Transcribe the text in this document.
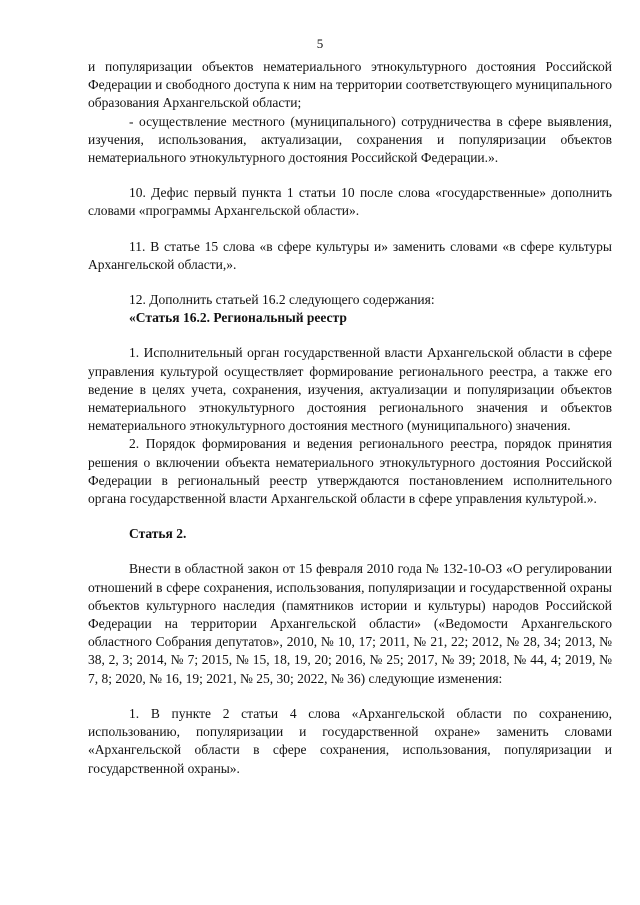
5

и популяризации объектов нематериального этнокультурного достояния Российской Федерации и свободного доступа к ним на территории соответствующего муниципального образования Архангельской области;

- осуществление местного (муниципального) сотрудничества в сфере выявления, изучения, использования, актуализации, сохранения и популяризации объектов нематериального этнокультурного достояния Российской Федерации.».

10. Дефис первый пункта 1 статьи 10 после слова «государственные» дополнить словами «программы Архангельской области».

11. В статье 15 слова «в сфере культуры и» заменить словами «в сфере культуры Архангельской области,».

12. Дополнить статьей 16.2 следующего содержания:

«Статья 16.2. Региональный реестр

1. Исполнительный орган государственной власти Архангельской области в сфере управления культурой осуществляет формирование регионального реестра, а также его ведение в целях учета, сохранения, изучения, актуализации и популяризации объектов нематериального этнокультурного достояния регионального значения и объектов нематериального этнокультурного достояния местного (муниципального) значения.

2. Порядок формирования и ведения регионального реестра, порядок принятия решения о включении объекта нематериального этнокультурного достояния Российской Федерации в региональный реестр утверждаются постановлением исполнительного органа государственной власти Архангельской области в сфере управления культурой.».

Статья 2.

Внести в областной закон от 15 февраля 2010 года № 132-10-ОЗ «О регулировании отношений в сфере сохранения, использования, популяризации и государственной охраны объектов культурного наследия (памятников истории и культуры) народов Российской Федерации на территории Архангельской области» («Ведомости Архангельского областного Собрания депутатов», 2010, № 10, 17; 2011, № 21, 22; 2012, № 28, 34; 2013, № 38, 2, 3; 2014, № 7; 2015, № 15, 18, 19, 20; 2016, № 25; 2017, № 39; 2018, № 44, 4; 2019, № 7, 8; 2020, № 16, 19; 2021, № 25, 30; 2022, № 36) следующие изменения:

1. В пункте 2 статьи 4 слова «Архангельской области по сохранению, использованию, популяризации и государственной охране» заменить словами «Архангельской области в сфере сохранения, использования, популяризации и государственной охраны».
